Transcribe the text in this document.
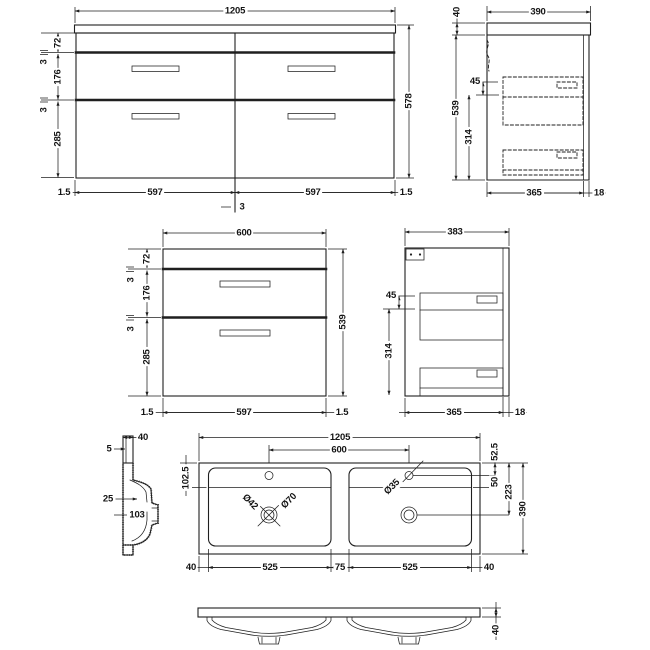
1205
578
72
3
176
3
285
1.5	597	597	1.5
3
40	390
539
45
314
365	18
600
539
72
3
176
3
285
1.5	597	1.5
383
45
314
365	18
40
5
25
103
1205
600
102.5
52.5
50
223
390
Ø42 Ø70
Ø35
40	525	75	525	40
40
